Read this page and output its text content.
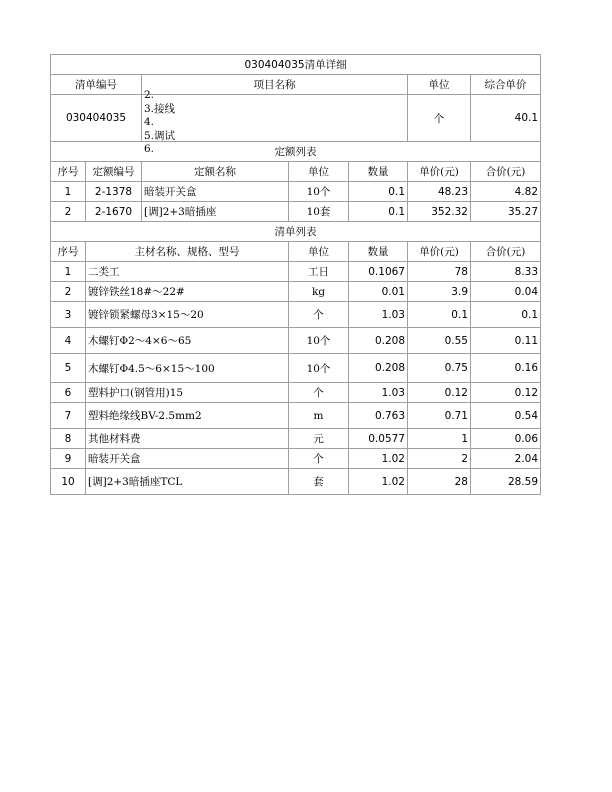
030404035清单详细						
清单编号		项目名称			单位	综合单价
030404035		2.
3.接线
4.
5.调试
6.			个	40.1
定额列表						
序号	定额编号	定额名称	单位	数量	单价(元)	合价(元)
1	2-1378	暗装开关盒	10个	0.1	48.23	4.82
2	2-1670	[调]2+3暗插座	10套	0.1	352.32	35.27
清单列表						
序号	主材名称、规格、型号		单位	数量	单价(元)	合价(元)
1	二类工		工日	0.1067	78	8.33
2	镀锌铁丝18#～22#		kg	0.01	3.9	0.04
3	镀锌锁紧螺母3×15～20		个	1.03	0.1	0.1
4	木螺钉Φ2～4×6～65		10个	0.208	0.55	0.11
5	木螺钉Φ4.5～6×15～100		10个	0.208	0.75	0.16
6	塑料护口(钢管用)15		个	1.03	0.12	0.12
7	塑料绝缘线BV-2.5mm2		m	0.763	0.71	0.54
8	其他材料费		元	0.0577	1	0.06
9	暗装开关盒		个	1.02	2	2.04
10	[调]2+3暗插座TCL		套	1.02	28	28.59
